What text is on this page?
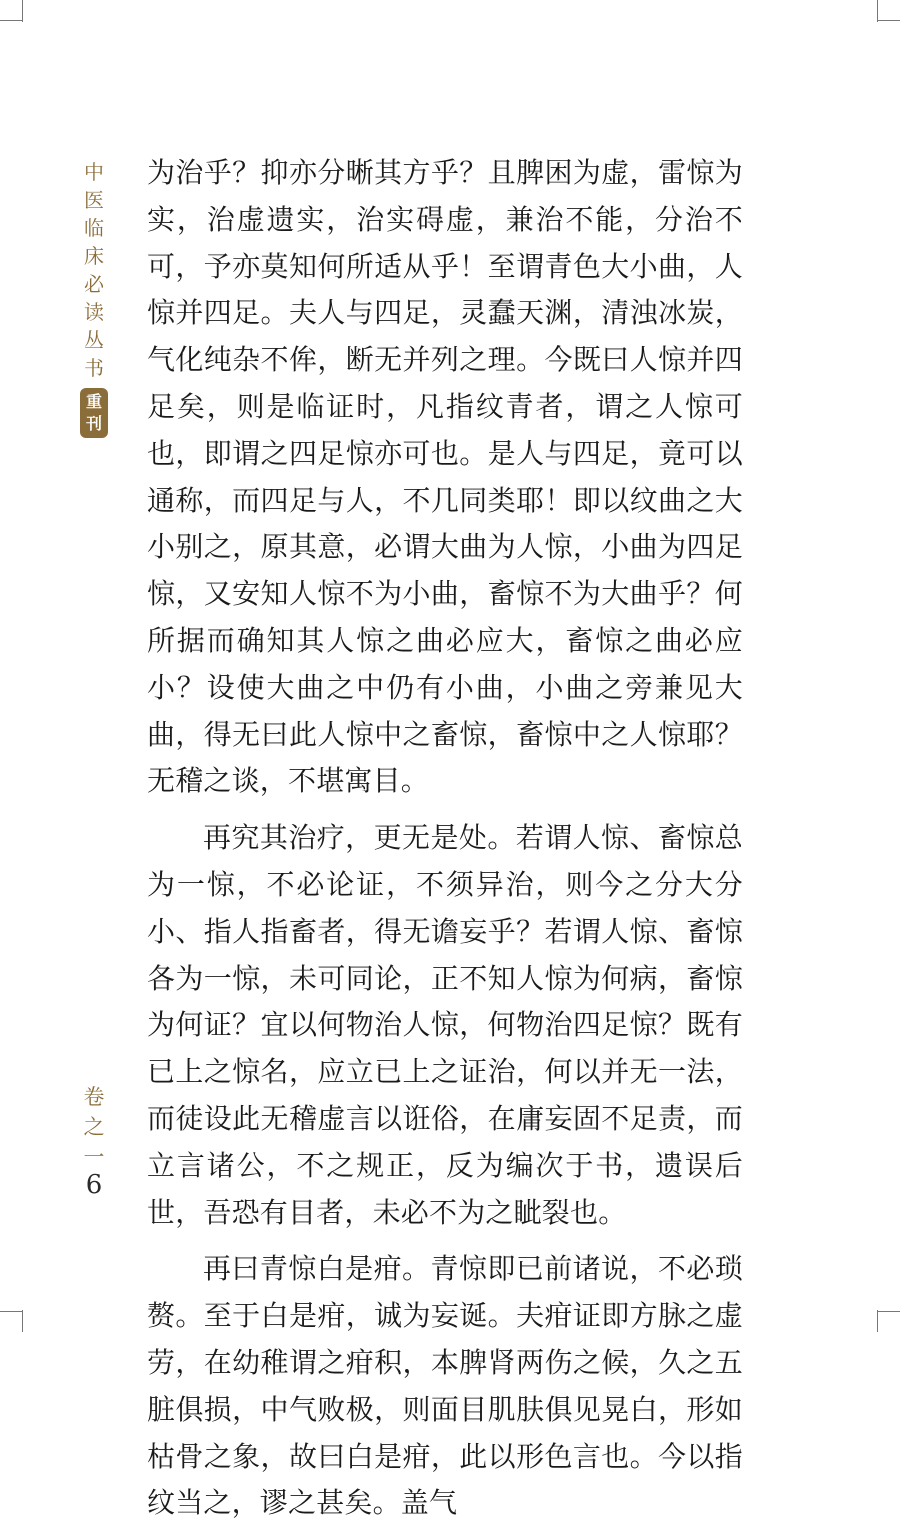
中
医
临
床
必
读
丛
书
重
刊
卷
之
一
6

为治乎？抑亦分晰其方乎？且脾困为虚，雷惊为实，治虚遗实，治实碍虚，兼治不能，分治不可，予亦莫知何所适从乎！至谓青色大小曲，人惊并四足。夫人与四足，灵蠢天渊，清浊冰炭，气化纯杂不侔，断无并列之理。今既曰人惊并四足矣，则是临证时，凡指纹青者，谓之人惊可也，即谓之四足惊亦可也。是人与四足，竟可以通称，而四足与人，不几同类耶！即以纹曲之大小别之，原其意，必谓大曲为人惊，小曲为四足惊，又安知人惊不为小曲，畜惊不为大曲乎？何所据而确知其人惊之曲必应大，畜惊之曲必应小？设使大曲之中仍有小曲，小曲之旁兼见大曲，得无曰此人惊中之畜惊，畜惊中之人惊耶？无稽之谈，不堪寓目。

再究其治疗，更无是处。若谓人惊、畜惊总为一惊，不必论证，不须异治，则今之分大分小、指人指畜者，得无谵妄乎？若谓人惊、畜惊各为一惊，未可同论，正不知人惊为何病，畜惊为何证？宜以何物治人惊，何物治四足惊？既有已上之惊名，应立已上之证治，何以并无一法，而徒设此无稽虚言以诳俗，在庸妄固不足责，而立言诸公，不之规正，反为编次于书，遗误后世，吾恐有目者，未必不为之眦裂也。

再曰青惊白是疳。青惊即已前诸说，不必琐赘。至于白是疳，诚为妄诞。夫疳证即方脉之虚劳，在幼稚谓之疳积，本脾肾两伤之候，久之五脏俱损，中气败极，则面目肌肤俱见晃白，形如枯骨之象，故曰白是疳，此以形色言也。今以指纹当之，谬之甚矣。盖气
